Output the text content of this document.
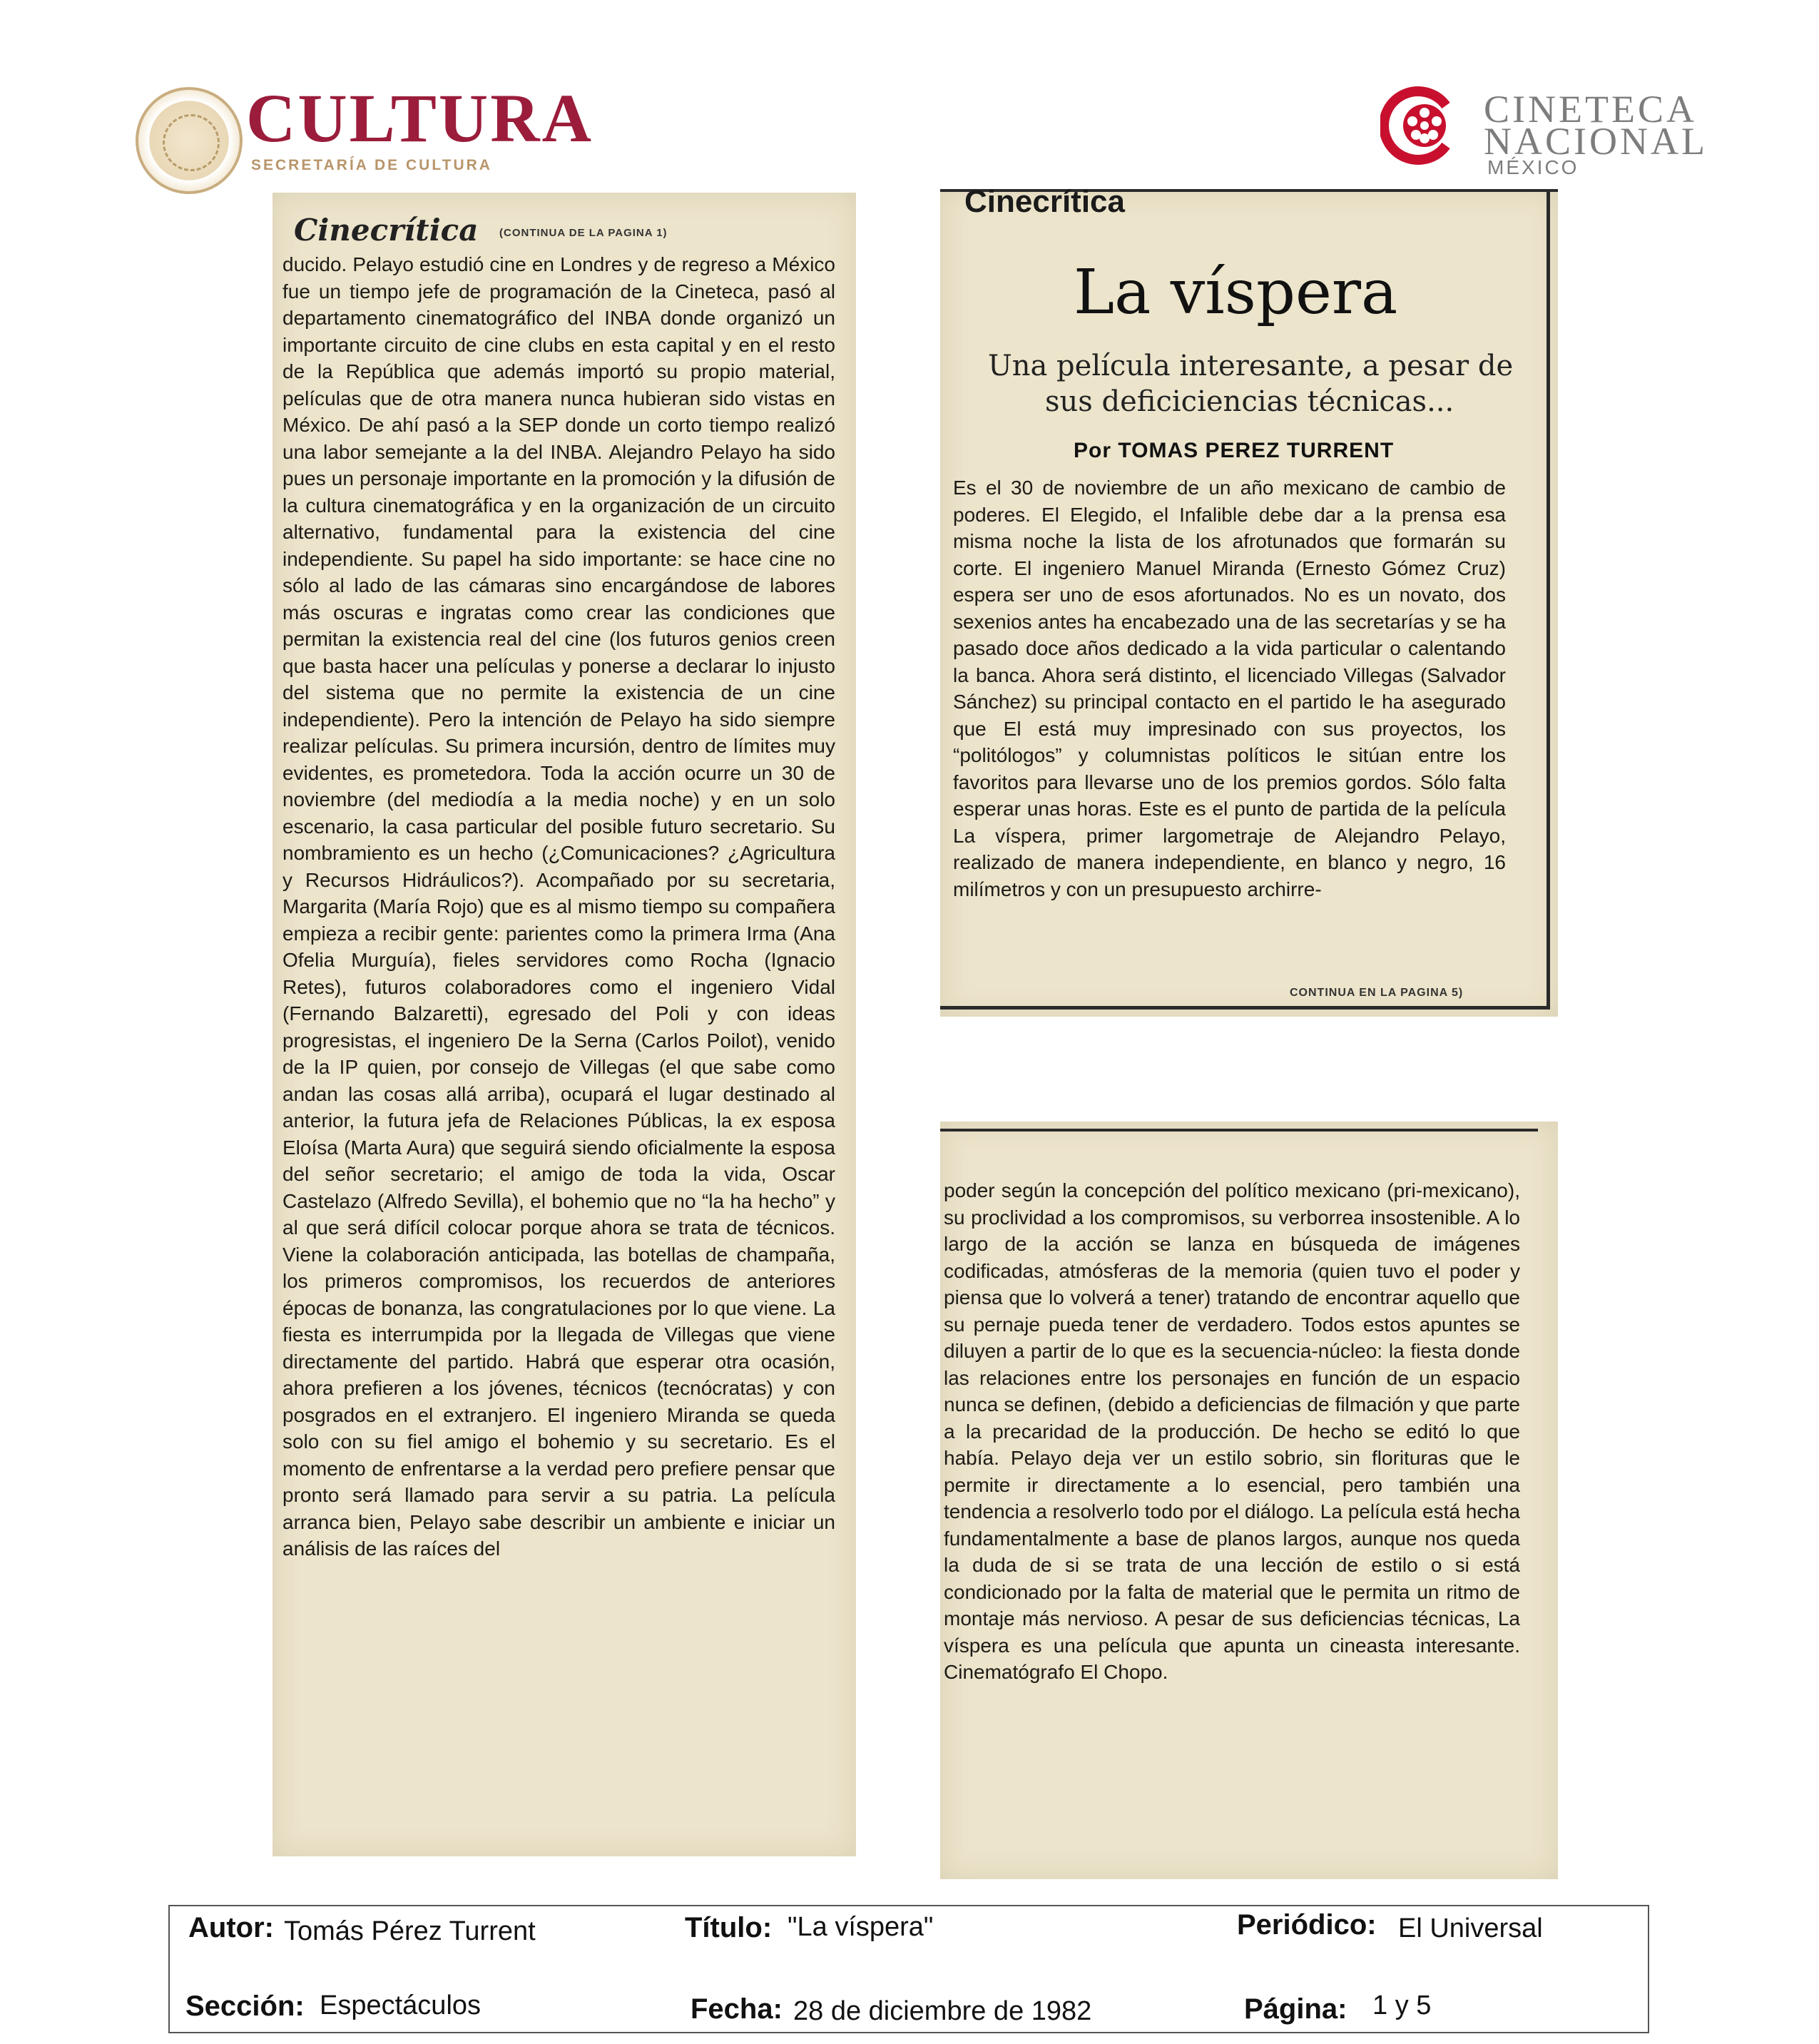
CULTURA
SECRETARÍA DE CULTURA
CINETECA
NACIONAL
MÉXICO
Cinecrítica (CONTINUA DE LA PAGINA 1)
ducido. Pelayo estudió cine en Londres y de regreso a México fue un tiempo jefe de programación de la Cineteca, pasó al departamento cinematográfico del INBA donde organizó un importante circuito de cine clubs en esta capital y en el resto de la República que además importó su propio material, películas que de otra manera nunca hubieran sido vistas en México. De ahí pasó a la SEP donde un corto tiempo realizó una labor semejante a la del INBA. Alejandro Pelayo ha sido pues un personaje importante en la promoción y la difusión de la cultura cinematográfica y en la organización de un circuito alternativo, fundamental para la existencia del cine independiente. Su papel ha sido importante: se hace cine no sólo al lado de las cámaras sino encargándose de labores más oscuras e ingratas como crear las condiciones que permitan la existencia real del cine (los futuros genios creen que basta hacer una películas y ponerse a declarar lo injusto del sistema que no permite la existencia de un cine independiente). Pero la intención de Pelayo ha sido siempre realizar películas. Su primera incursión, dentro de límites muy evidentes, es prometedora. Toda la acción ocurre un 30 de noviembre (del mediodía a la media noche) y en un solo escenario, la casa particular del posible futuro secretario. Su nombramiento es un hecho (¿Comunicaciones? ¿Agricultura y Recursos Hidráulicos?). Acompañado por su secretaria, Margarita (María Rojo) que es al mismo tiempo su compañera empieza a recibir gente: parientes como la primera Irma (Ana Ofelia Murguía), fieles servidores como Rocha (Ignacio Retes), futuros colaboradores como el ingeniero Vidal (Fernando Balzaretti), egresado del Poli y con ideas progresistas, el ingeniero De la Serna (Carlos Poilot), venido de la IP quien, por consejo de Villegas (el que sabe como andan las cosas allá arriba), ocupará el lugar destinado al anterior, la futura jefa de Relaciones Públicas, la ex esposa Eloísa (Marta Aura) que seguirá siendo oficialmente la esposa del señor secretario; el amigo de toda la vida, Oscar Castelazo (Alfredo Sevilla), el bohemio que no “la ha hecho” y al que será difícil colocar porque ahora se trata de técnicos. Viene la colaboración anticipada, las botellas de champaña, los primeros compromisos, los recuerdos de anteriores épocas de bonanza, las congratulaciones por lo que viene. La fiesta es interrumpida por la llegada de Villegas que viene directamente del partido. Habrá que esperar otra ocasión, ahora prefieren a los jóvenes, técnicos (tecnócratas) y con posgrados en el extranjero. El ingeniero Miranda se queda solo con su fiel amigo el bohemio y su secretario. Es el momento de enfrentarse a la verdad pero prefiere pensar que pronto será llamado para servir a su patria. La película arranca bien, Pelayo sabe describir un ambiente e iniciar un análisis de las raíces del
Cinecrítica
La víspera
Una película interesante, a pesar de
sus deficiciencias técnicas...
Por TOMAS PEREZ TURRENT
Es el 30 de noviembre de un año mexicano de cambio de poderes. El Elegido, el Infalible debe dar a la prensa esa misma noche la lista de los afrotunados que formarán su corte. El ingeniero Manuel Miranda (Ernesto Gómez Cruz) espera ser uno de esos afortunados. No es un novato, dos sexenios antes ha encabezado una de las secretarías y se ha pasado doce años dedicado a la vida particular o calentando la banca. Ahora será distinto, el licenciado Villegas (Salvador Sánchez) su principal contacto en el partido le ha asegurado que El está muy impresinado con sus proyectos, los “politólogos” y columnistas políticos le sitúan entre los favoritos para llevarse uno de los premios gordos. Sólo falta esperar unas horas. Este es el punto de partida de la película La víspera, primer largometraje de Alejandro Pelayo, realizado de manera independiente, en blanco y negro, 16 milímetros y con un presupuesto archirre-
CONTINUA EN LA PAGINA 5)
poder según la concepción del político mexicano (pri-mexicano), su proclividad a los compromisos, su verborrea insostenible. A lo largo de la acción se lanza en búsqueda de imágenes codificadas, atmósferas de la memoria (quien tuvo el poder y piensa que lo volverá a tener) tratando de encontrar aquello que su pernaje pueda tener de verdadero. Todos estos apuntes se diluyen a partir de lo que es la secuencia-núcleo: la fiesta donde las relaciones entre los personajes en función de un espacio nunca se definen, (debido a deficiencias de filmación y que parte a la precaridad de la producción. De hecho se editó lo que había. Pelayo deja ver un estilo sobrio, sin florituras que le permite ir directamente a lo esencial, pero también una tendencia a resolverlo todo por el diálogo. La película está hecha fundamentalmente a base de planos largos, aunque nos queda la duda de si se trata de una lección de estilo o si está condicionado por la falta de material que le permita un ritmo de montaje más nervioso. A pesar de sus deficiencias técnicas, La víspera es una película que apunta un cineasta interesante. Cinematógrafo El Chopo.
Autor: Tomás Pérez Turrent	Título: "La víspera"	Periódico: El Universal
Sección: Espectáculos	Fecha: 28 de diciembre de 1982	Página: 1 y 5
